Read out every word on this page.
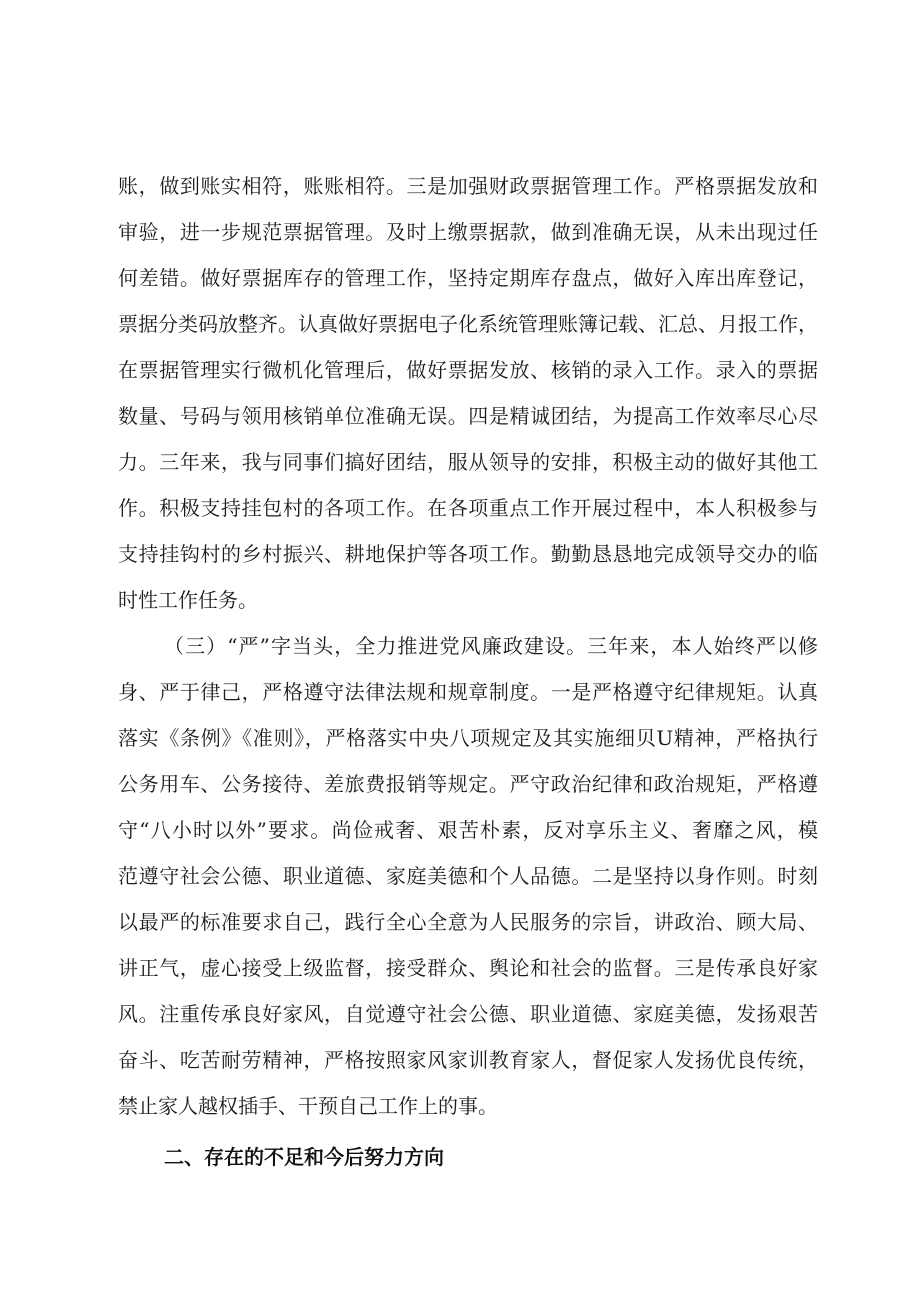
账，做到账实相符，账账相符。三是加强财政票据管理工作。严格票据发放和
审验，进一步规范票据管理。及时上缴票据款，做到准确无误，从未出现过任
何差错。做好票据库存的管理工作，坚持定期库存盘点，做好入库出库登记，
票据分类码放整齐。认真做好票据电子化系统管理账簿记载、汇总、月报工作，
在票据管理实行微机化管理后，做好票据发放、核销的录入工作。录入的票据
数量、号码与领用核销单位准确无误。四是精诚团结，为提高工作效率尽心尽
力。三年来，我与同事们搞好团结，服从领导的安排，积极主动的做好其他工
作。积极支持挂包村的各项工作。在各项重点工作开展过程中，本人积极参与
支持挂钩村的乡村振兴、耕地保护等各项工作。勤勤恳恳地完成领导交办的临
时性工作任务。
（三）“严”字当头，全力推进党风廉政建设。三年来，本人始终严以修
身、严于律己，严格遵守法律法规和规章制度。一是严格遵守纪律规矩。认真
落实《条例》《准则》，严格落实中央八项规定及其实施细贝U精神，严格执行
公务用车、公务接待、差旅费报销等规定。严守政治纪律和政治规矩，严格遵
守“八小时以外”要求。尚俭戒奢、艰苦朴素，反对享乐主义、奢靡之风，模
范遵守社会公德、职业道德、家庭美德和个人品德。二是坚持以身作则。时刻
以最严的标准要求自己，践行全心全意为人民服务的宗旨，讲政治、顾大局、
讲正气，虚心接受上级监督，接受群众、舆论和社会的监督。三是传承良好家
风。注重传承良好家风，自觉遵守社会公德、职业道德、家庭美德，发扬艰苦
奋斗、吃苦耐劳精神，严格按照家风家训教育家人，督促家人发扬优良传统，
禁止家人越权插手、干预自己工作上的事。
二、存在的不足和今后努力方向
